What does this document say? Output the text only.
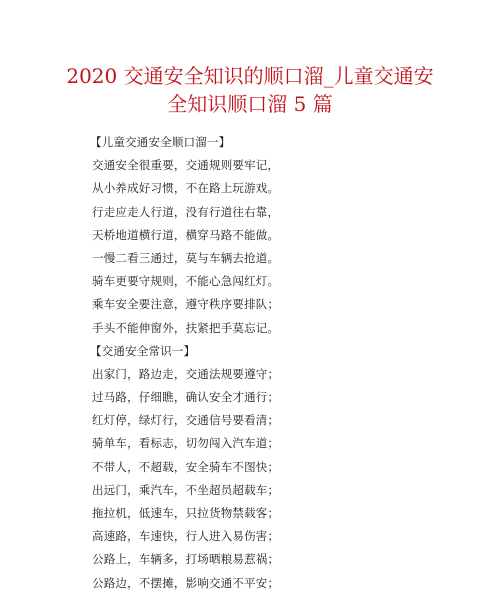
2020 交通安全知识的顺口溜_儿童交通安
全知识顺口溜 5 篇
【儿童交通安全顺口溜一】
交通安全很重要，交通规则要牢记，
从小养成好习惯，不在路上玩游戏。
行走应走人行道，没有行道往右靠，
天桥地道横行道，横穿马路不能做。
一慢二看三通过，莫与车辆去抢道。
骑车更要守规则，不能心急闯红灯。
乘车安全要注意，遵守秩序要排队；
手头不能伸窗外，扶紧把手莫忘记。
【交通安全常识一】
出家门，路边走，交通法规要遵守；
过马路，仔细瞧，确认安全才通行；
红灯停，绿灯行，交通信号要看清；
骑单车，看标志，切勿闯入汽车道；
不带人，不超载，安全骑车不图快；
出远门，乘汽车，不坐超员超载车；
拖拉机，低速车，只拉货物禁载客；
高速路，车速快，行人进入易伤害；
公路上，车辆多，打场晒粮易惹祸；
公路边，不摆摊，影响交通不平安；
